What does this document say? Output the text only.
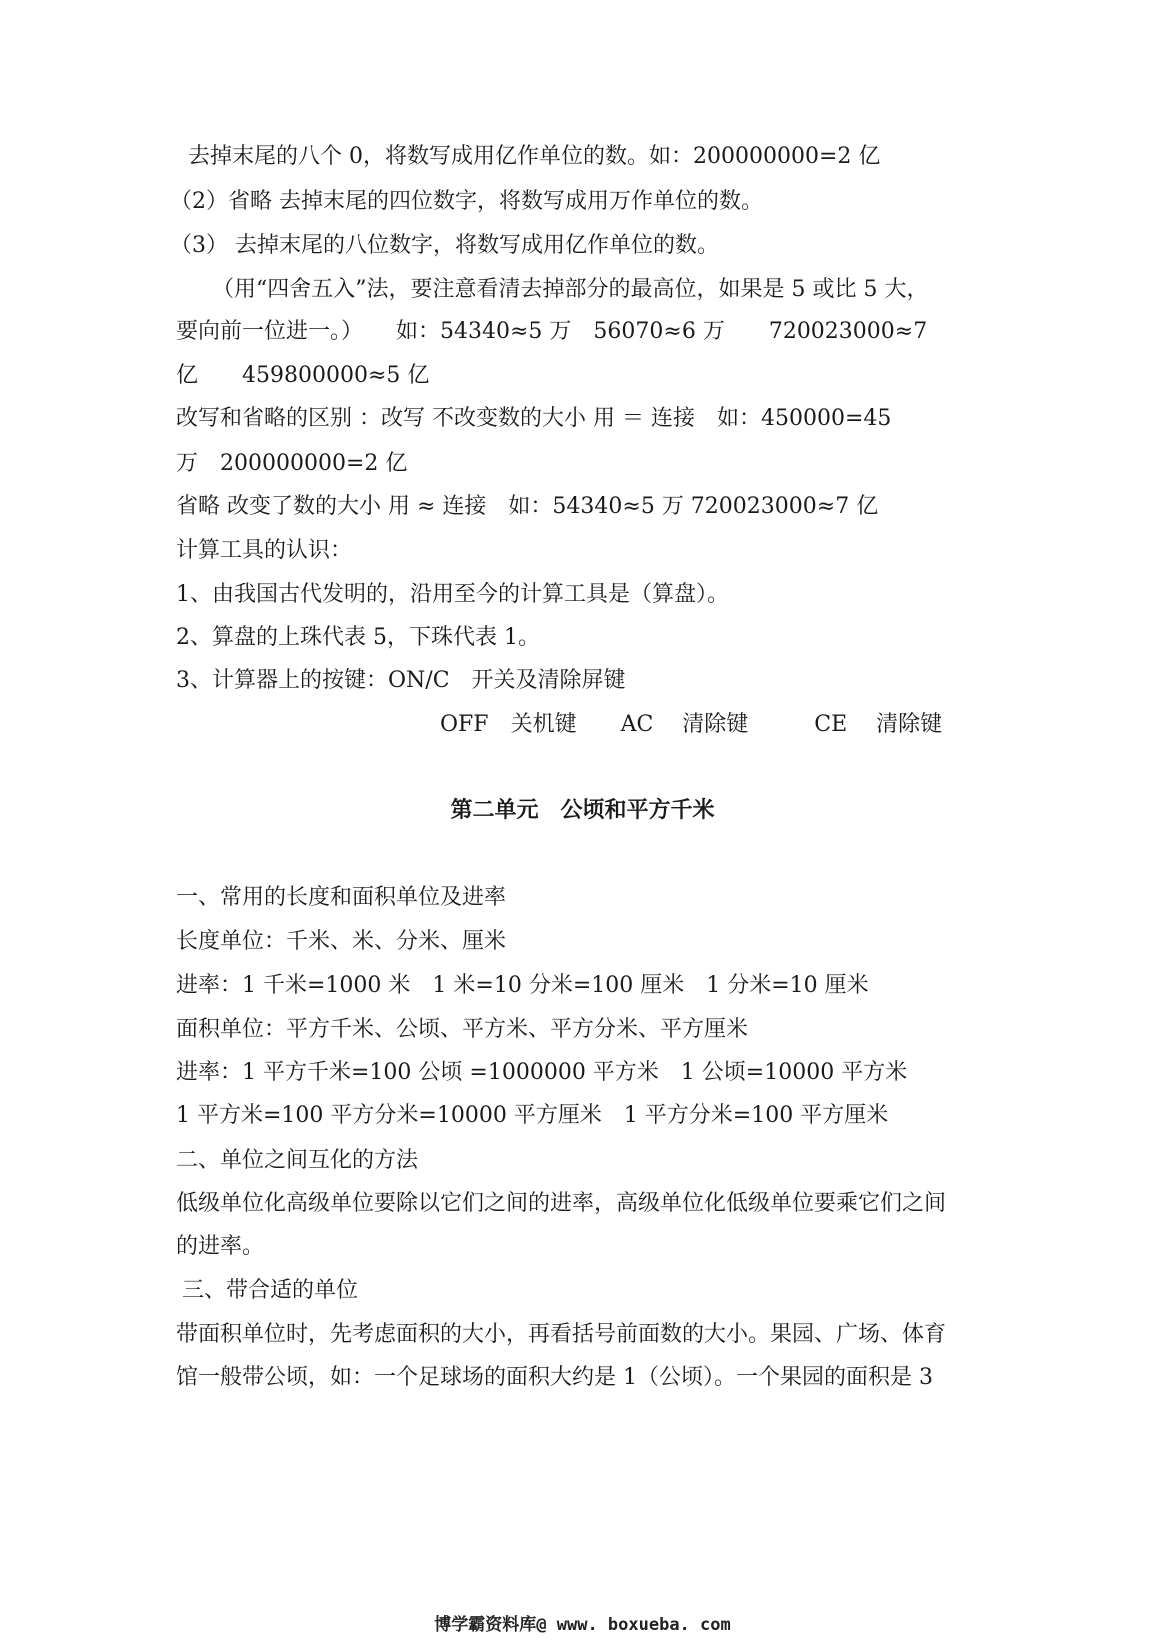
去掉末尾的八个 0，将数写成用亿作单位的数。如：200000000=2 亿

（2）省略 去掉末尾的四位数字，将数写成用万作单位的数。

（3） 去掉末尾的八位数字，将数写成用亿作单位的数。

（用“四舍五入”法，要注意看清去掉部分的最高位，如果是 5 或比 5 大，

要向前一位进一。）　　如：54340≈5 万　56070≈6 万　　720023000≈7

亿　　459800000≈5 亿

改写和省略的区别 ：改写 不改变数的大小 用 ＝ 连接　如：450000=45

万　200000000=2 亿

省略 改变了数的大小 用 ≈ 连接　如：54340≈5 万 720023000≈7 亿

计算工具的认识：

1、由我国古代发明的，沿用至今的计算工具是（算盘）。

2、算盘的上珠代表 5，下珠代表 1。

3、计算器上的按键：ON/C　开关及清除屏键

OFF　关机键　　AC　 清除键　　　CE　 清除键

第二单元　公顷和平方千米

一、常用的长度和面积单位及进率

长度单位：千米、米、分米、厘米

进率：1 千米=1000 米　1 米=10 分米=100 厘米　1 分米=10 厘米

面积单位：平方千米、公顷、平方米、平方分米、平方厘米

进率：1 平方千米=100 公顷 =1000000 平方米　1 公顷=10000 平方米

1 平方米=100 平方分米=10000 平方厘米　1 平方分米=100 平方厘米

二、单位之间互化的方法

低级单位化高级单位要除以它们之间的进率，高级单位化低级单位要乘它们之间

的进率。

三、带合适的单位

带面积单位时，先考虑面积的大小，再看括号前面数的大小。果园、广场、体育

馆一般带公顷，如：一个足球场的面积大约是 1（公顷）。一个果园的面积是 3

博学霸资料库@ www. boxueba. com
